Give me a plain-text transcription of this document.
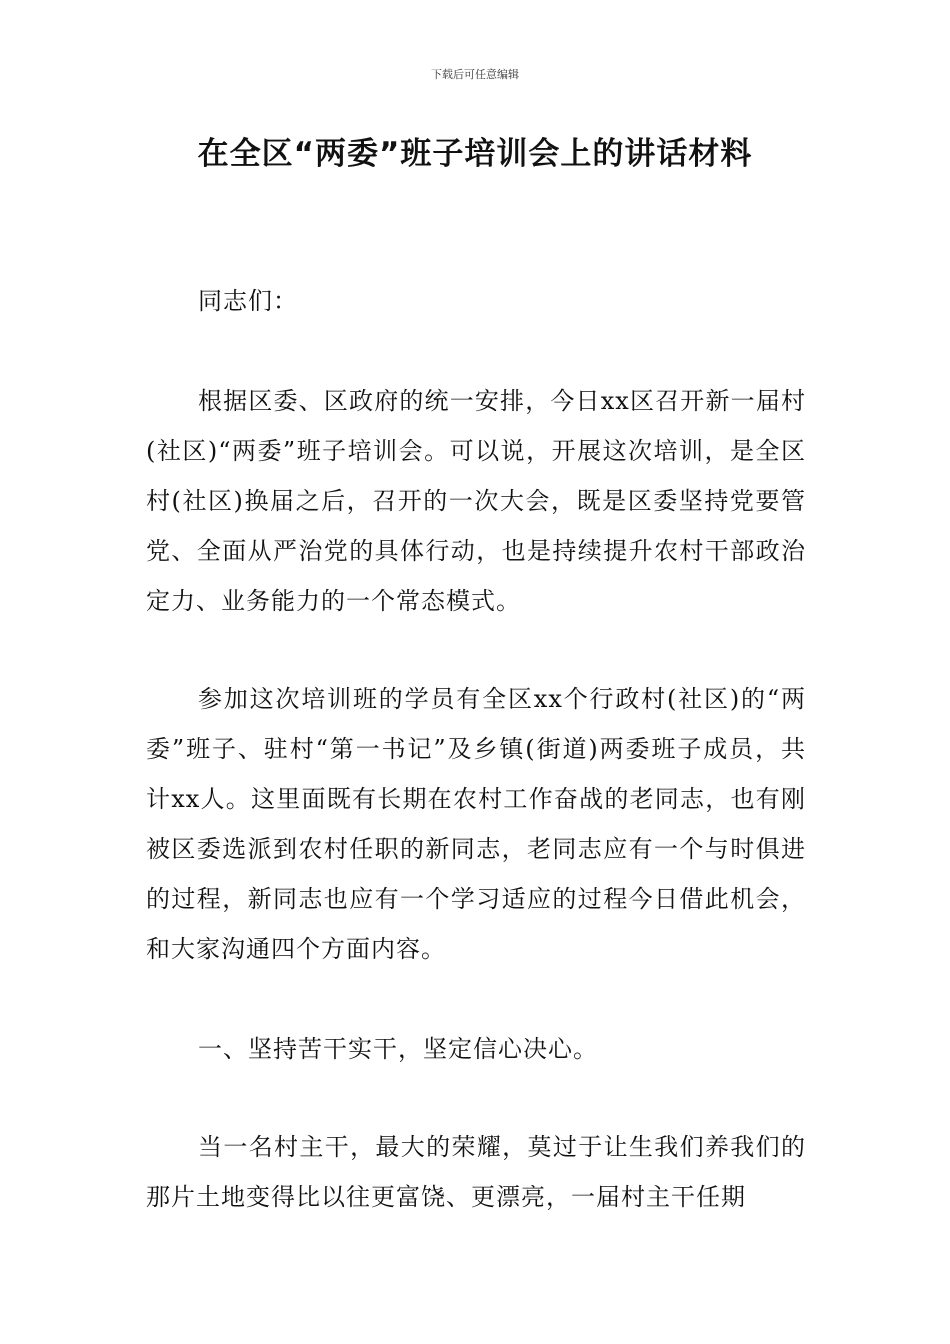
下载后可任意编辑
在全区“两委”班子培训会上的讲话材料

同志们：

根据区委、区政府的统一安排，今日xx区召开新一届村(社区)“两委”班子培训会。可以说，开展这次培训，是全区村(社区)换届之后，召开的一次大会，既是区委坚持党要管党、全面从严治党的具体行动，也是持续提升农村干部政治定力、业务能力的一个常态模式。

参加这次培训班的学员有全区xx个行政村(社区)的“两委”班子、驻村“第一书记”及乡镇(街道)两委班子成员，共计xx人。这里面既有长期在农村工作奋战的老同志，也有刚被区委选派到农村任职的新同志，老同志应有一个与时俱进的过程，新同志也应有一个学习适应的过程今日借此机会，和大家沟通四个方面内容。

一、坚持苦干实干，坚定信心决心。

当一名村主干，最大的荣耀，莫过于让生我们养我们的那片土地变得比以往更富饶、更漂亮，一届村主干任期
